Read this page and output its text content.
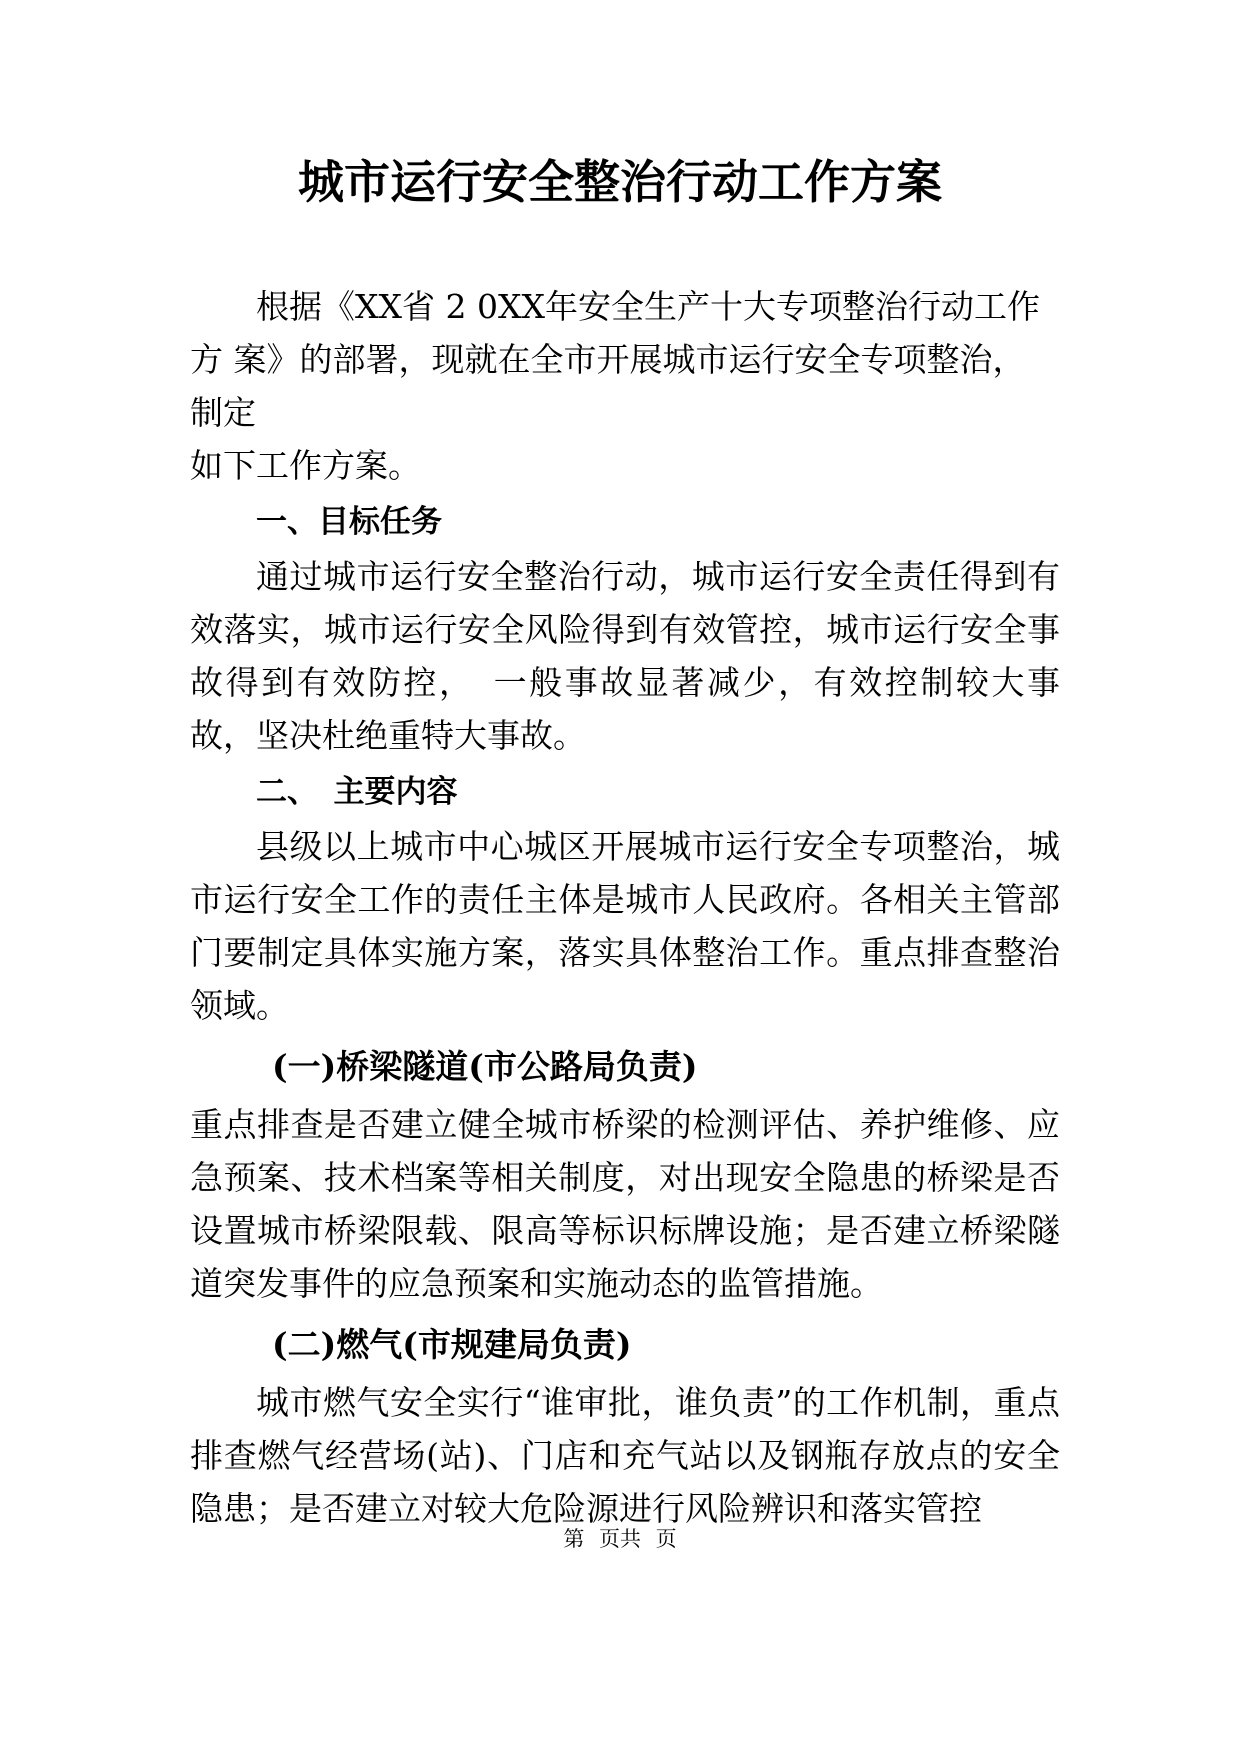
城市运行安全整治行动工作方案

根据《XX省 2 0XX年安全生产十大专项整治行动工作

方 案》的部署，现就在全市开展城市运行安全专项整治，

制定

如下工作方案。

一、目标任务

通过城市运行安全整治行动，城市运行安全责任得到有效落实，城市运行安全风险得到有效管控，城市运行安全事故得到有效防控，　一般事故显著减少，有效控制较大事故，坚决杜绝重特大事故。

二、　主要内容

县级以上城市中心城区开展城市运行安全专项整治，城市运行安全工作的责任主体是城市人民政府。各相关主管部门要制定具体实施方案，落实具体整治工作。重点排查整治领域。

(一)桥梁隧道(市公路局负责)

重点排查是否建立健全城市桥梁的检测评估、养护维修、应急预案、技术档案等相关制度，对出现安全隐患的桥梁是否设置城市桥梁限载、限高等标识标牌设施；是否建立桥梁隧道突发事件的应急预案和实施动态的监管措施。

(二)燃气(市规建局负责)

城市燃气安全实行“谁审批，谁负责”的工作机制，重点排查燃气经营场(站)、门店和充气站以及钢瓶存放点的安全隐患；是否建立对较大危险源进行风险辨识和落实管控

第 页共 页
